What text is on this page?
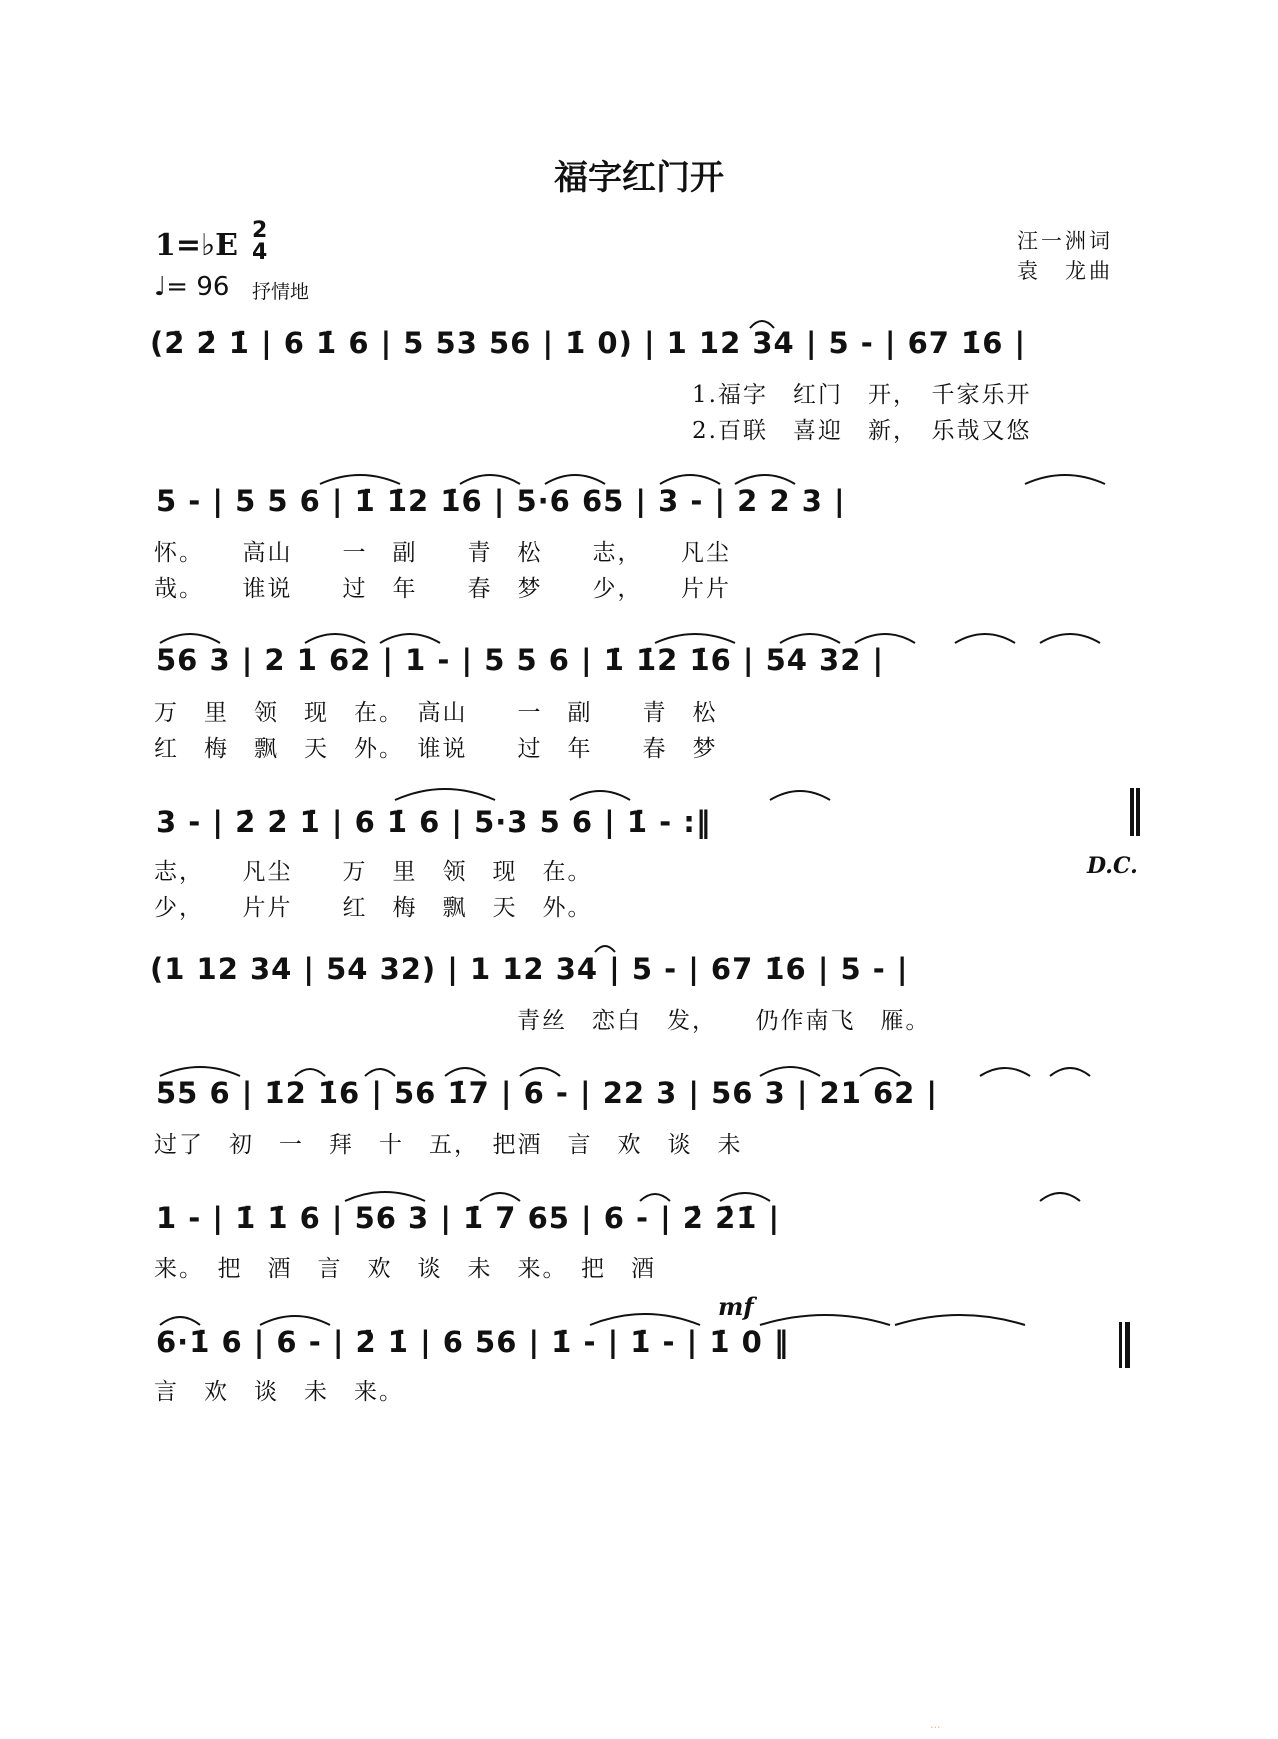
福字红门开
1=♭E 2
4
♩= 96 抒情地
汪一洲词
袁　龙曲
(2̇ 2̇ 1̇ | 6 1̇ 6 | 5 53 56 | 1̇ 0) | 1 12 34 | 5 - | 67 1̇6 |
1.福字　红门　开，　千家乐开
2.百联　喜迎　新，　乐哉又悠
5 - | 5 5 6 | 1̇ 1̇2 1̇6 | 5·6 65 | 3 - | 2 2 3 |
怀。　　高山　　一　副　　青　松　　志，　　凡尘
哉。　　谁说　　过　年　　春　梦　　少，　　片片
56 3 | 2 1 62 | 1 - | 5 5 6 | 1̇ 1̇2 1̇6 | 54 32 |
万　里　领　现　在。　高山　　一　副　　青　松
红　梅　飘　天　外。　谁说　　过　年　　春　梦
3 - | 2̇ 2̇ 1̇ | 6 1̇ 6 | 5·3 5 6 | 1̇ - :‖
志，　　凡尘　　万　里　领　现　在。
少，　　片片　　红　梅　飘　天　外。
D.C.
(1 12 34 | 54 32) | 1 12 34 | 5 - | 67 1̇6 | 5 - |
青丝　恋白　发，　　仍作南飞　雁。
55 6 | 1̇2 1̇6 | 56 1̇7 | 6 - | 22 3 | 56 3 | 21 62 |
过了　初　一　拜　十　五，　把酒　言　欢　谈　未
1 - | 1̇ 1̇ 6 | 56 3 | 1̇ 7 65 | 6 - | 2̇ 2̇1̇ |
来。　把　酒　言　欢　谈　未　来。　把　酒
mf
6·1̇ 6 | 6 - | 2̇ 1̇ | 6 56 | 1̇ - | 1̇ - | 1̇ 0 ‖
言　欢　谈　未　来。
...
